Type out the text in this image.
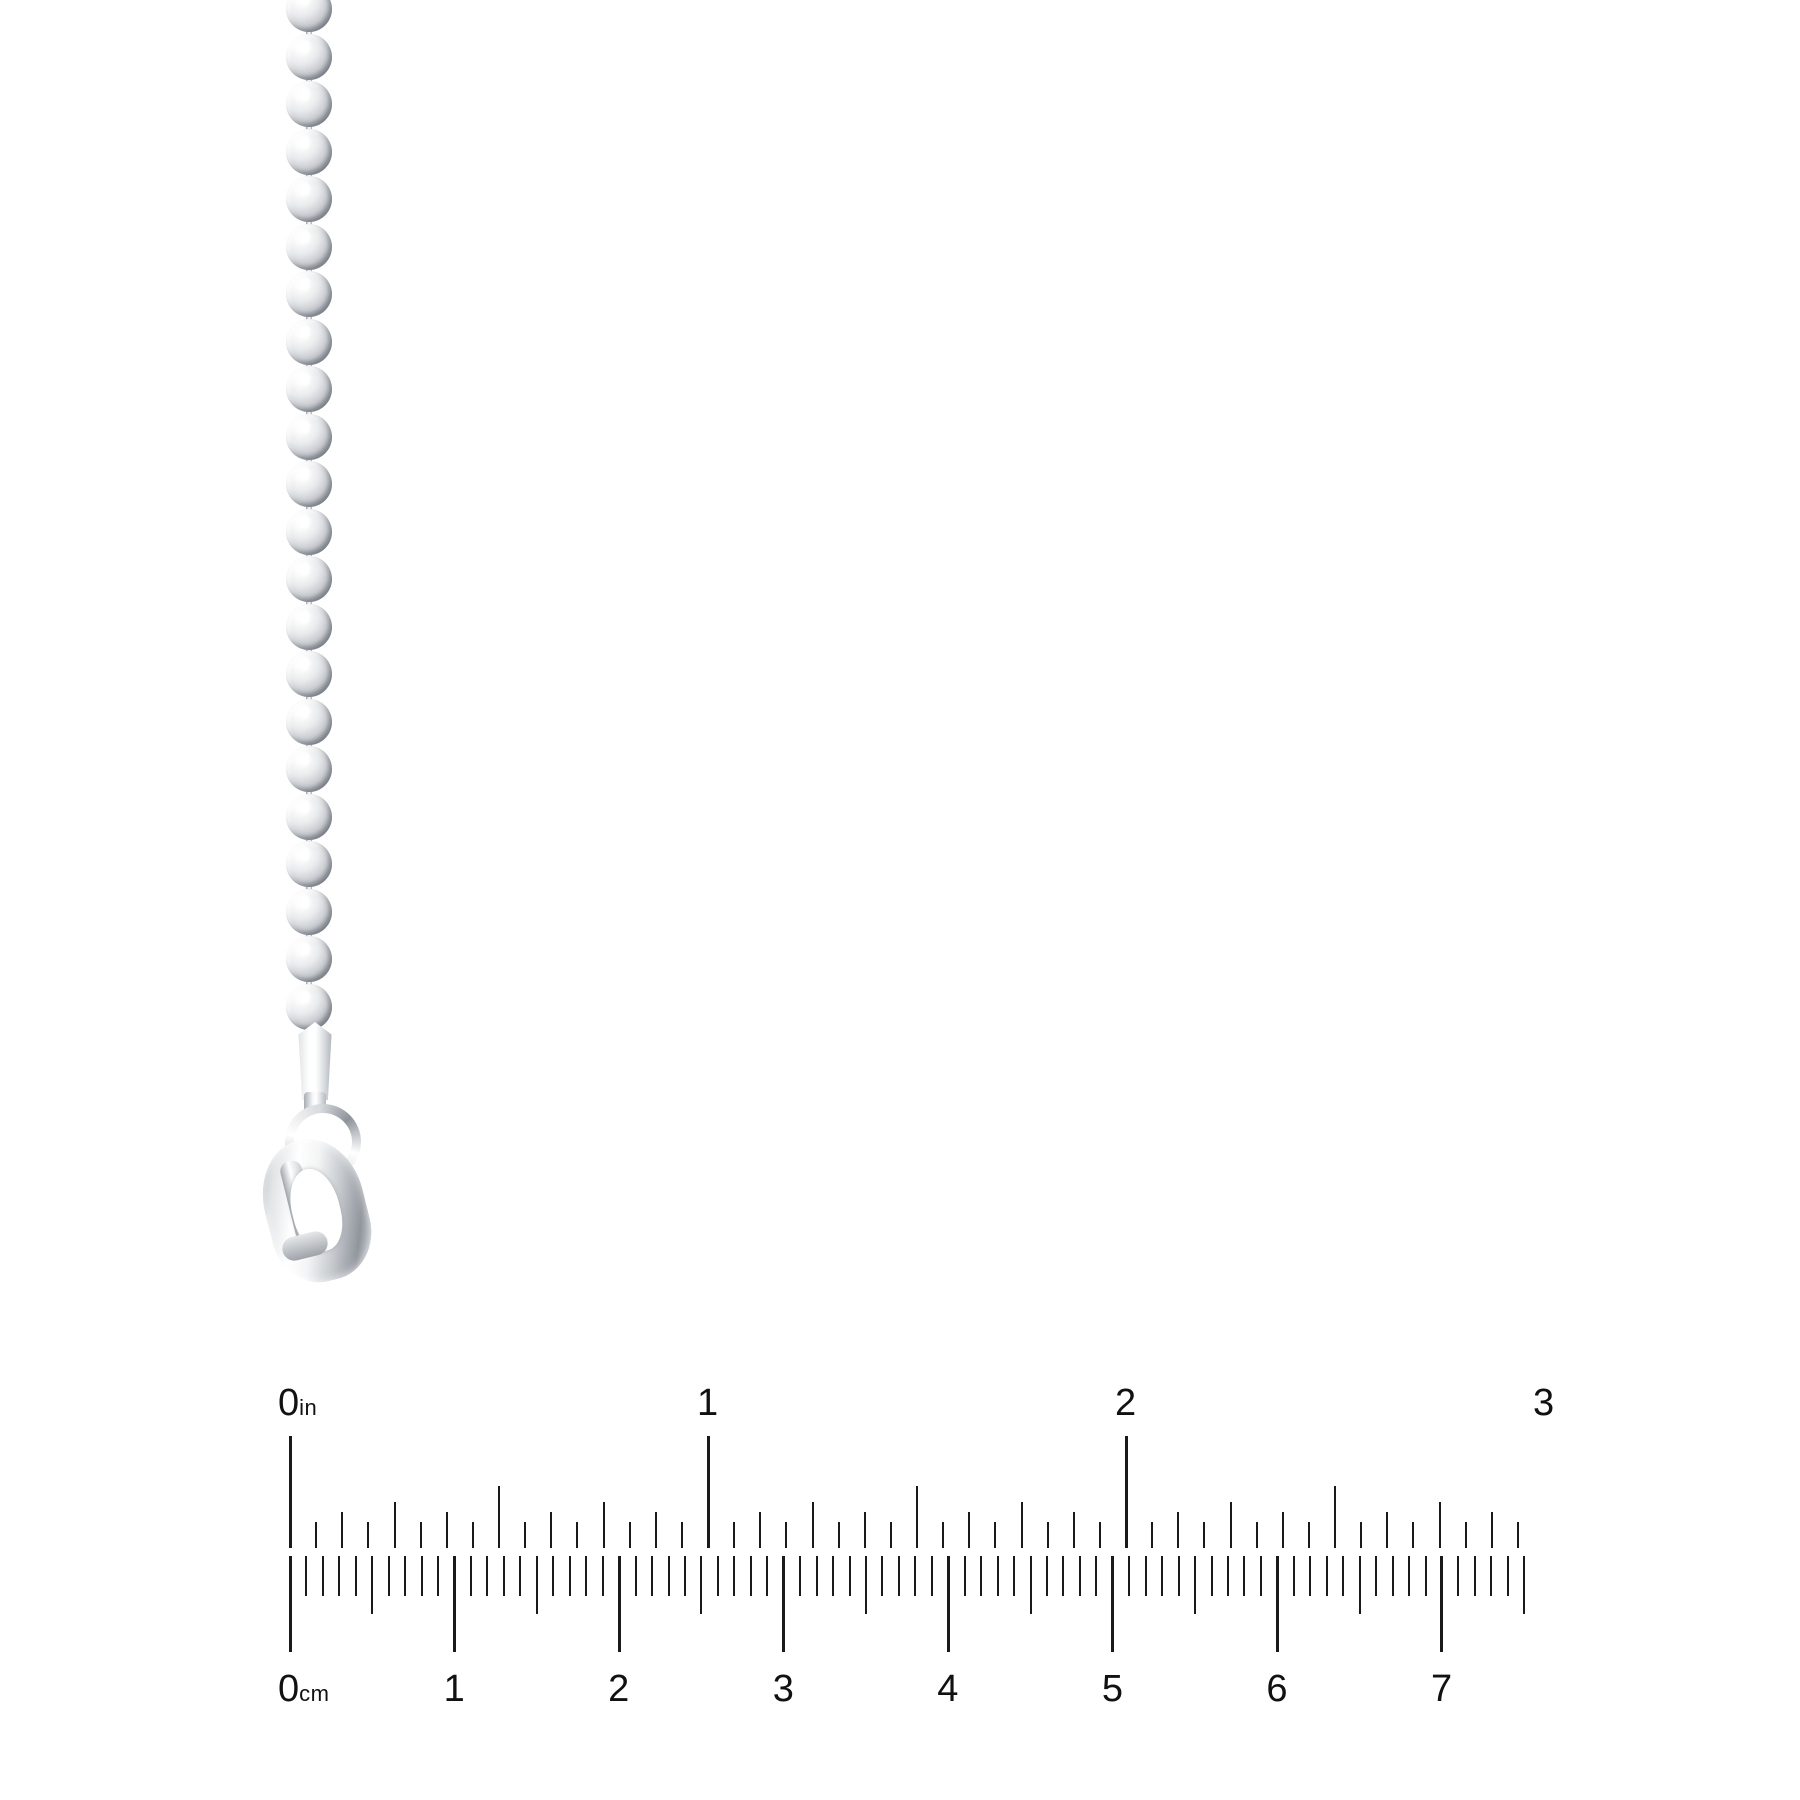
0in	1	2	3
0cm	1	2	3	4	5	6	7
